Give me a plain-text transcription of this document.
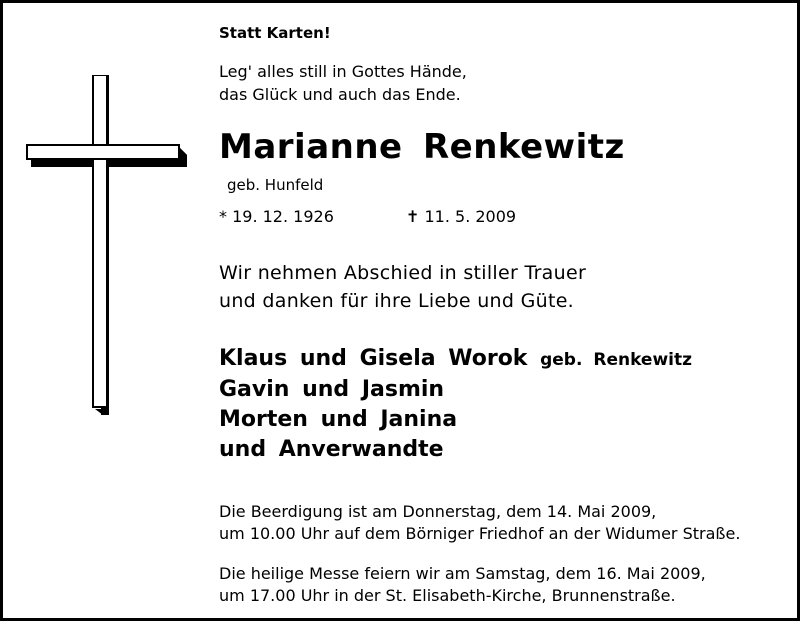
Statt Karten!
Leg' alles still in Gottes Hände,
das Glück und auch das Ende.
Marianne Renkewitz
geb. Hunfeld
* 19. 12. 1926	✝ 11. 5. 2009
Wir nehmen Abschied in stiller Trauer
und danken für ihre Liebe und Güte.
Klaus und Gisela Worok geb. Renkewitz
Gavin und Jasmin
Morten und Janina
und Anverwandte
Die Beerdigung ist am Donnerstag, dem 14. Mai 2009,
um 10.00 Uhr auf dem Börniger Friedhof an der Widumer Straße.
Die heilige Messe feiern wir am Samstag, dem 16. Mai 2009,
um 17.00 Uhr in der St. Elisabeth-Kirche, Brunnenstraße.
